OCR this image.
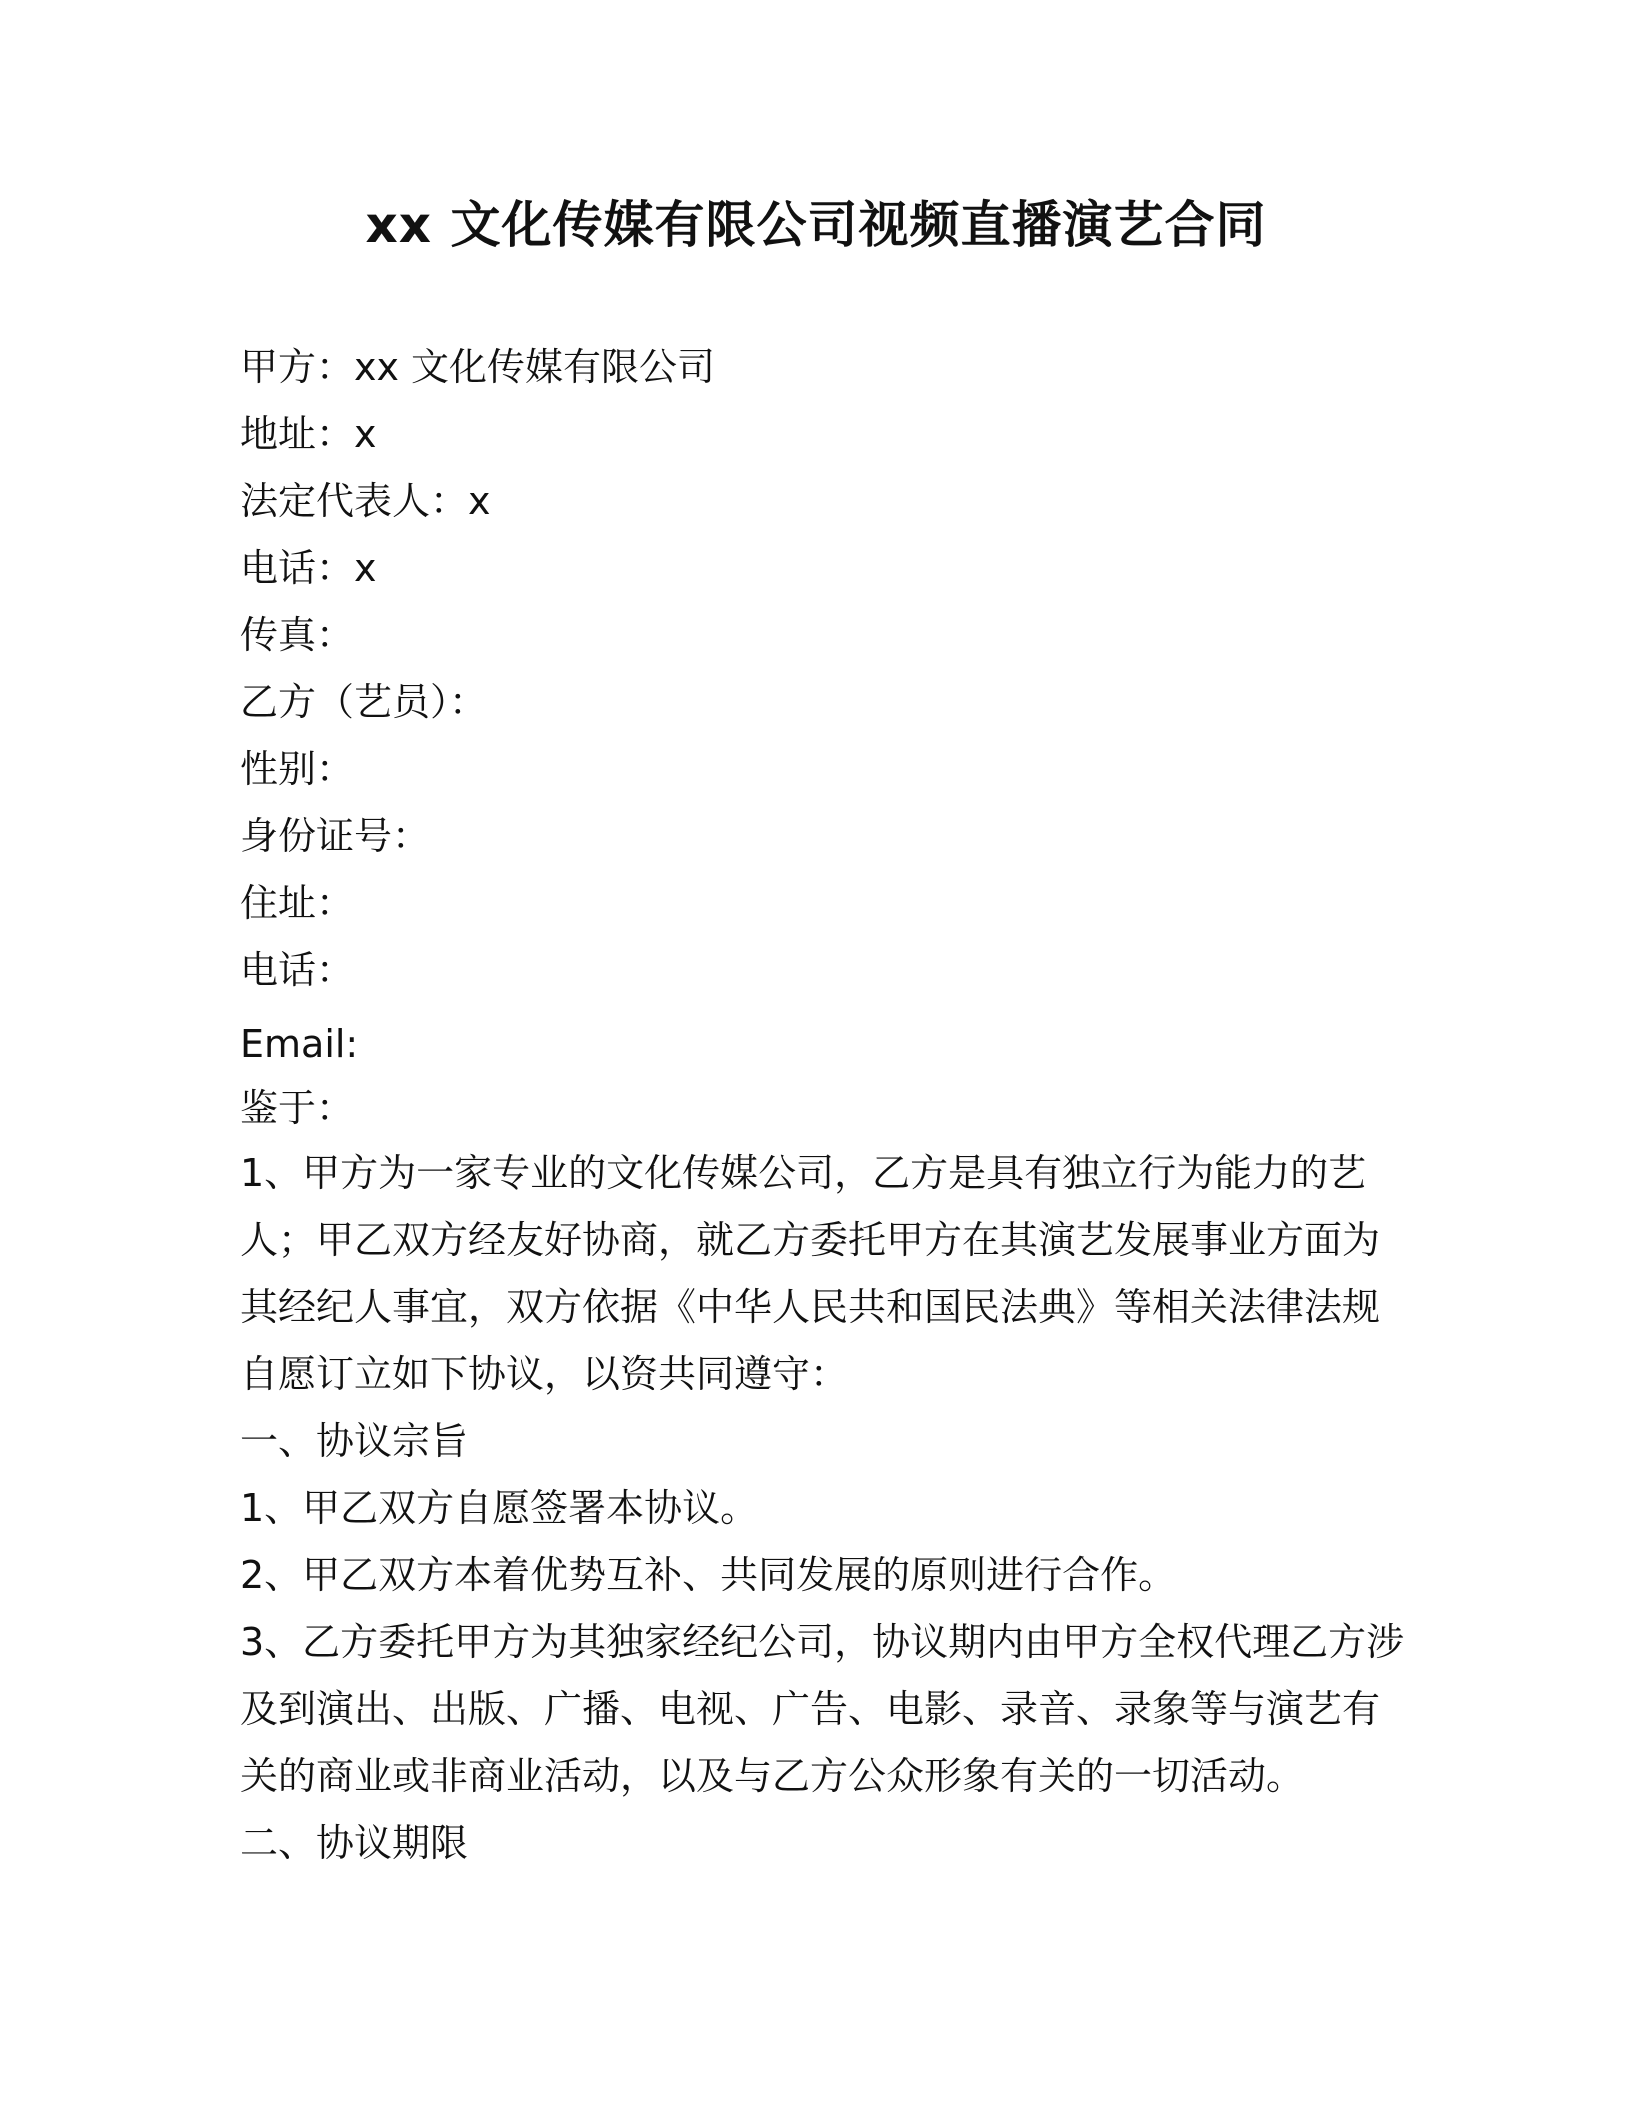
xx 文化传媒有限公司视频直播演艺合同
甲方：xx 文化传媒有限公司
地址：x
法定代表人：x
电话：x
传真：
乙方（艺员）：
性别：
身份证号：
住址：
电话：
Email:
鉴于：
1、甲方为一家专业的文化传媒公司，乙方是具有独立行为能力的艺
人；甲乙双方经友好协商，就乙方委托甲方在其演艺发展事业方面为
其经纪人事宜，双方依据《中华人民共和国民法典》等相关法律法规
自愿订立如下协议，以资共同遵守：
一、协议宗旨
1、甲乙双方自愿签署本协议。
2、甲乙双方本着优势互补、共同发展的原则进行合作。
3、乙方委托甲方为其独家经纪公司，协议期内由甲方全权代理乙方涉
及到演出、出版、广播、电视、广告、电影、录音、录象等与演艺有
关的商业或非商业活动，以及与乙方公众形象有关的一切活动。
二、协议期限
